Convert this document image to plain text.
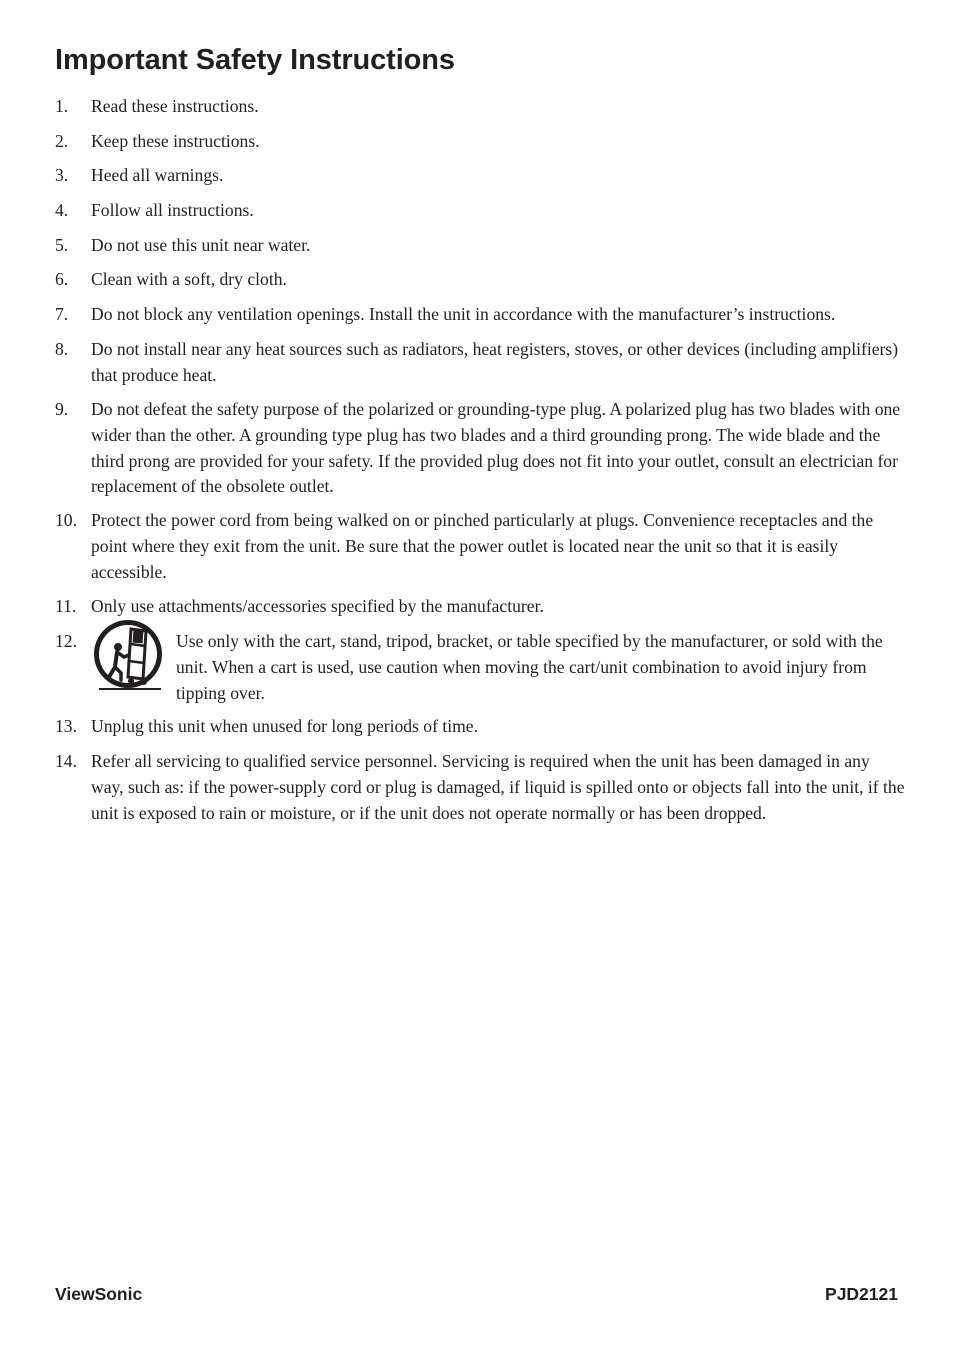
Important Safety Instructions
1.	Read these instructions.
2.	Keep these instructions.
3.	Heed all warnings.
4.	Follow all instructions.
5.	Do not use this unit near water.
6.	Clean with a soft, dry cloth.
7.	Do not block any ventilation openings. Install the unit in accordance with the manufacturer’s instructions.
8.	Do not install near any heat sources such as radiators, heat registers, stoves, or other devices (including amplifiers) that produce heat.
9.	Do not defeat the safety purpose of the polarized or grounding-type plug. A polarized plug has two blades with one wider than the other. A grounding type plug has two blades and a third grounding prong. The wide blade and the third prong are provided for your safety. If the provided plug does not fit into your outlet, consult an electrician for replacement of the obsolete outlet.
10. Protect the power cord from being walked on or pinched particularly at plugs. Convenience receptacles and the point where they exit from the unit. Be sure that the power outlet is located near the unit so that it is easily accessible.
11. Only use attachments/accessories specified by the manufacturer.
12.	Use only with the cart, stand, tripod, bracket, or table specified by the manufacturer, or sold with the unit. When a cart is used, use caution when moving the cart/unit combination to avoid injury from tipping over.
13. Unplug this unit when unused for long periods of time.
14. Refer all servicing to qualified service personnel. Servicing is required when the unit has been damaged in any way, such as: if the power-supply cord or plug is damaged, if liquid is spilled onto or objects fall into the unit, if the unit is exposed to rain or moisture, or if the unit does not operate normally or has been dropped.
ViewSonic	PJD2121
